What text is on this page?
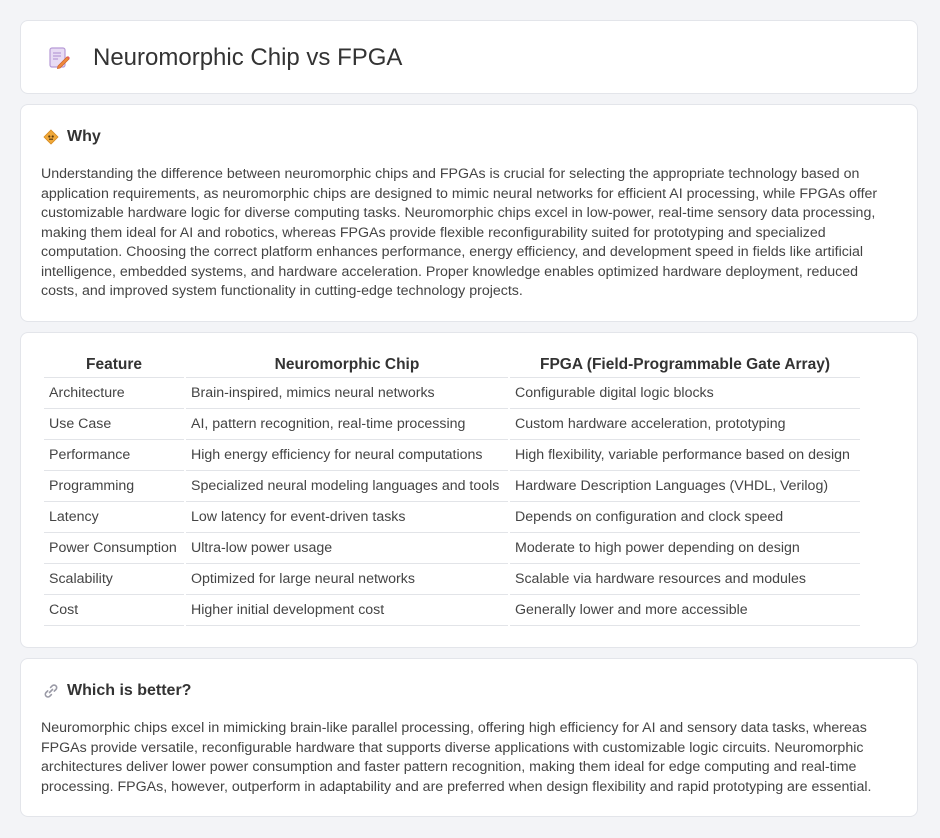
Neuromorphic Chip vs FPGA
Why

Understanding the difference between neuromorphic chips and FPGAs is crucial for selecting the appropriate technology based on application requirements, as neuromorphic chips are designed to mimic neural networks for efficient AI processing, while FPGAs offer customizable hardware logic for diverse computing tasks. Neuromorphic chips excel in low-power, real-time sensory data processing, making them ideal for AI and robotics, whereas FPGAs provide flexible reconfigurability suited for prototyping and specialized computation. Choosing the correct platform enhances performance, energy efficiency, and development speed in fields like artificial intelligence, embedded systems, and hardware acceleration. Proper knowledge enables optimized hardware deployment, reduced costs, and improved system functionality in cutting-edge technology projects.

Feature	Neuromorphic Chip	FPGA (Field-Programmable Gate Array)
Architecture	Brain-inspired, mimics neural networks	Configurable digital logic blocks
Use Case	AI, pattern recognition, real-time processing	Custom hardware acceleration, prototyping
Performance	High energy efficiency for neural computations	High flexibility, variable performance based on design
Programming	Specialized neural modeling languages and tools	Hardware Description Languages (VHDL, Verilog)
Latency	Low latency for event-driven tasks	Depends on configuration and clock speed
Power Consumption	Ultra-low power usage	Moderate to high power depending on design
Scalability	Optimized for large neural networks	Scalable via hardware resources and modules
Cost	Higher initial development cost	Generally lower and more accessible
Which is better?

Neuromorphic chips excel in mimicking brain-like parallel processing, offering high efficiency for AI and sensory data tasks, whereas FPGAs provide versatile, reconfigurable hardware that supports diverse applications with customizable logic circuits. Neuromorphic architectures deliver lower power consumption and faster pattern recognition, making them ideal for edge computing and real-time processing. FPGAs, however, outperform in adaptability and are preferred when design flexibility and rapid prototyping are essential.
